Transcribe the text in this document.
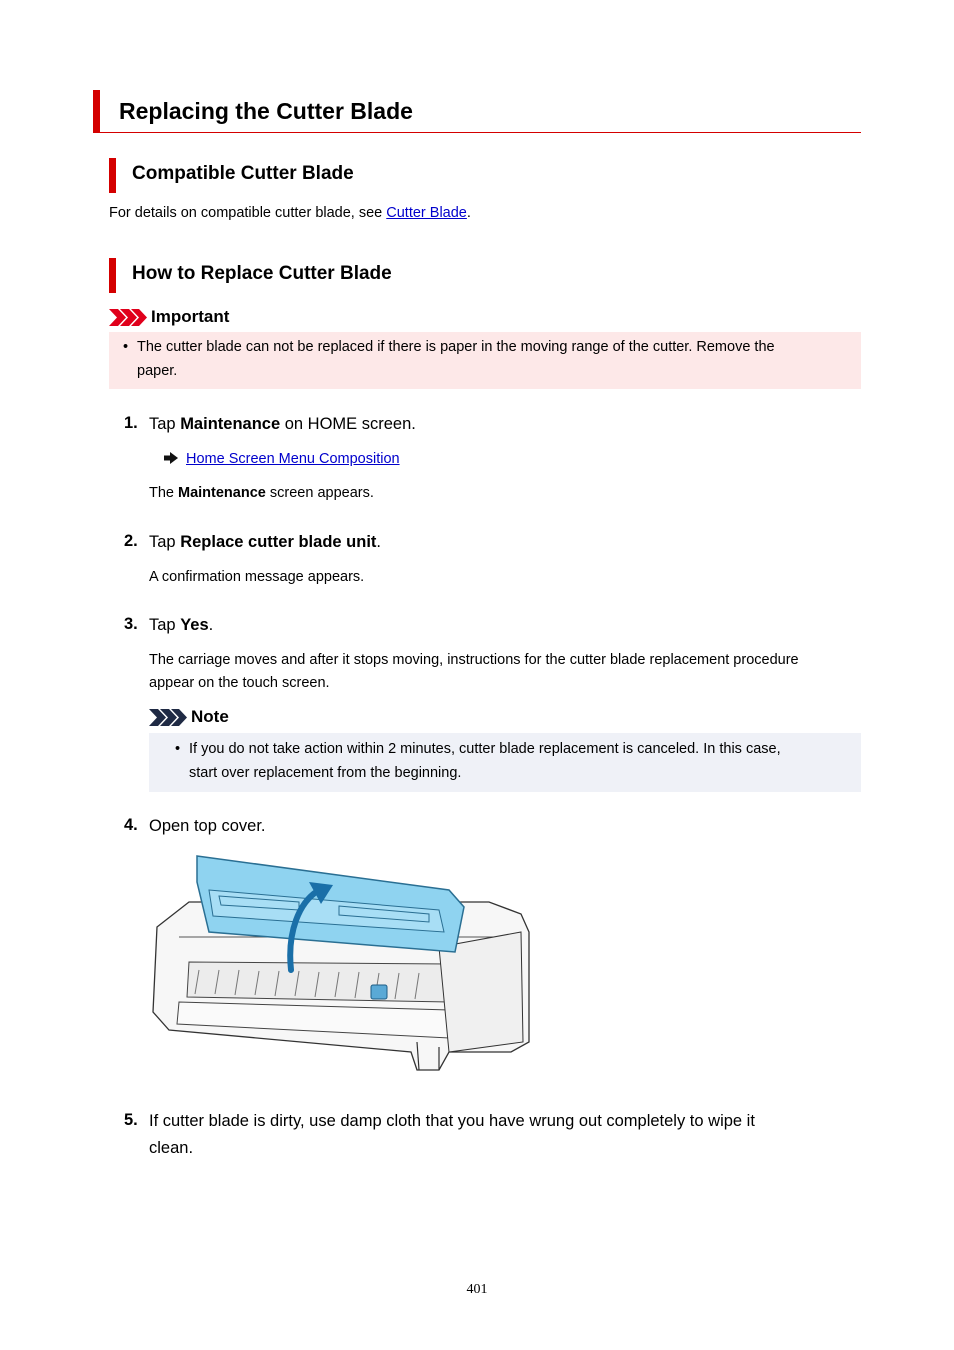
Replacing the Cutter Blade
Compatible Cutter Blade
For details on compatible cutter blade, see Cutter Blade.
How to Replace Cutter Blade
Important
• The cutter blade can not be replaced if there is paper in the moving range of the cutter. Remove the
paper.
1. Tap Maintenance on HOME screen.
Home Screen Menu Composition
The Maintenance screen appears.
2. Tap Replace cutter blade unit.
A confirmation message appears.
3. Tap Yes.
The carriage moves and after it stops moving, instructions for the cutter blade replacement procedure
appear on the touch screen.
Note
• If you do not take action within 2 minutes, cutter blade replacement is canceled. In this case,
start over replacement from the beginning.
4. Open top cover.
5. If cutter blade is dirty, use damp cloth that you have wrung out completely to wipe it
clean.
401
